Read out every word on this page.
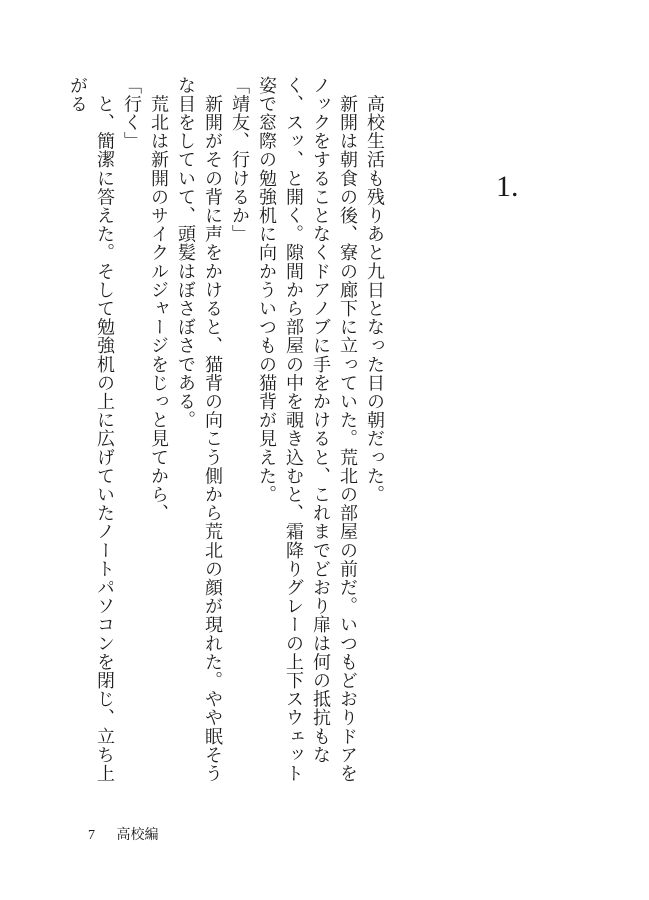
1.

　高校生活も残りあと九日となった日の朝だった。

　新開は朝食の後、寮の廊下に立っていた。荒北の部屋の前だ。いつもどおりドアをノックをすることなくドアノブに手をかけると、これまでどおり扉は何の抵抗もなく、スッ、と開く。隙間から部屋の中を覗き込むと、霜降りグレーの上下スウェット姿で窓際の勉強机に向かういつもの猫背が見えた。

「靖友、行けるか」

　新開がその背に声をかけると、猫背の向こう側から荒北の顔が現れた。やや眠そうな目をしていて、頭髪はぼさぼさである。

　荒北は新開のサイクルジャージをじっと見てから、

「行く」

　と、簡潔に答えた。そして勉強机の上に広げていたノートパソコンを閉じ、立ち上がる

7 高校編
